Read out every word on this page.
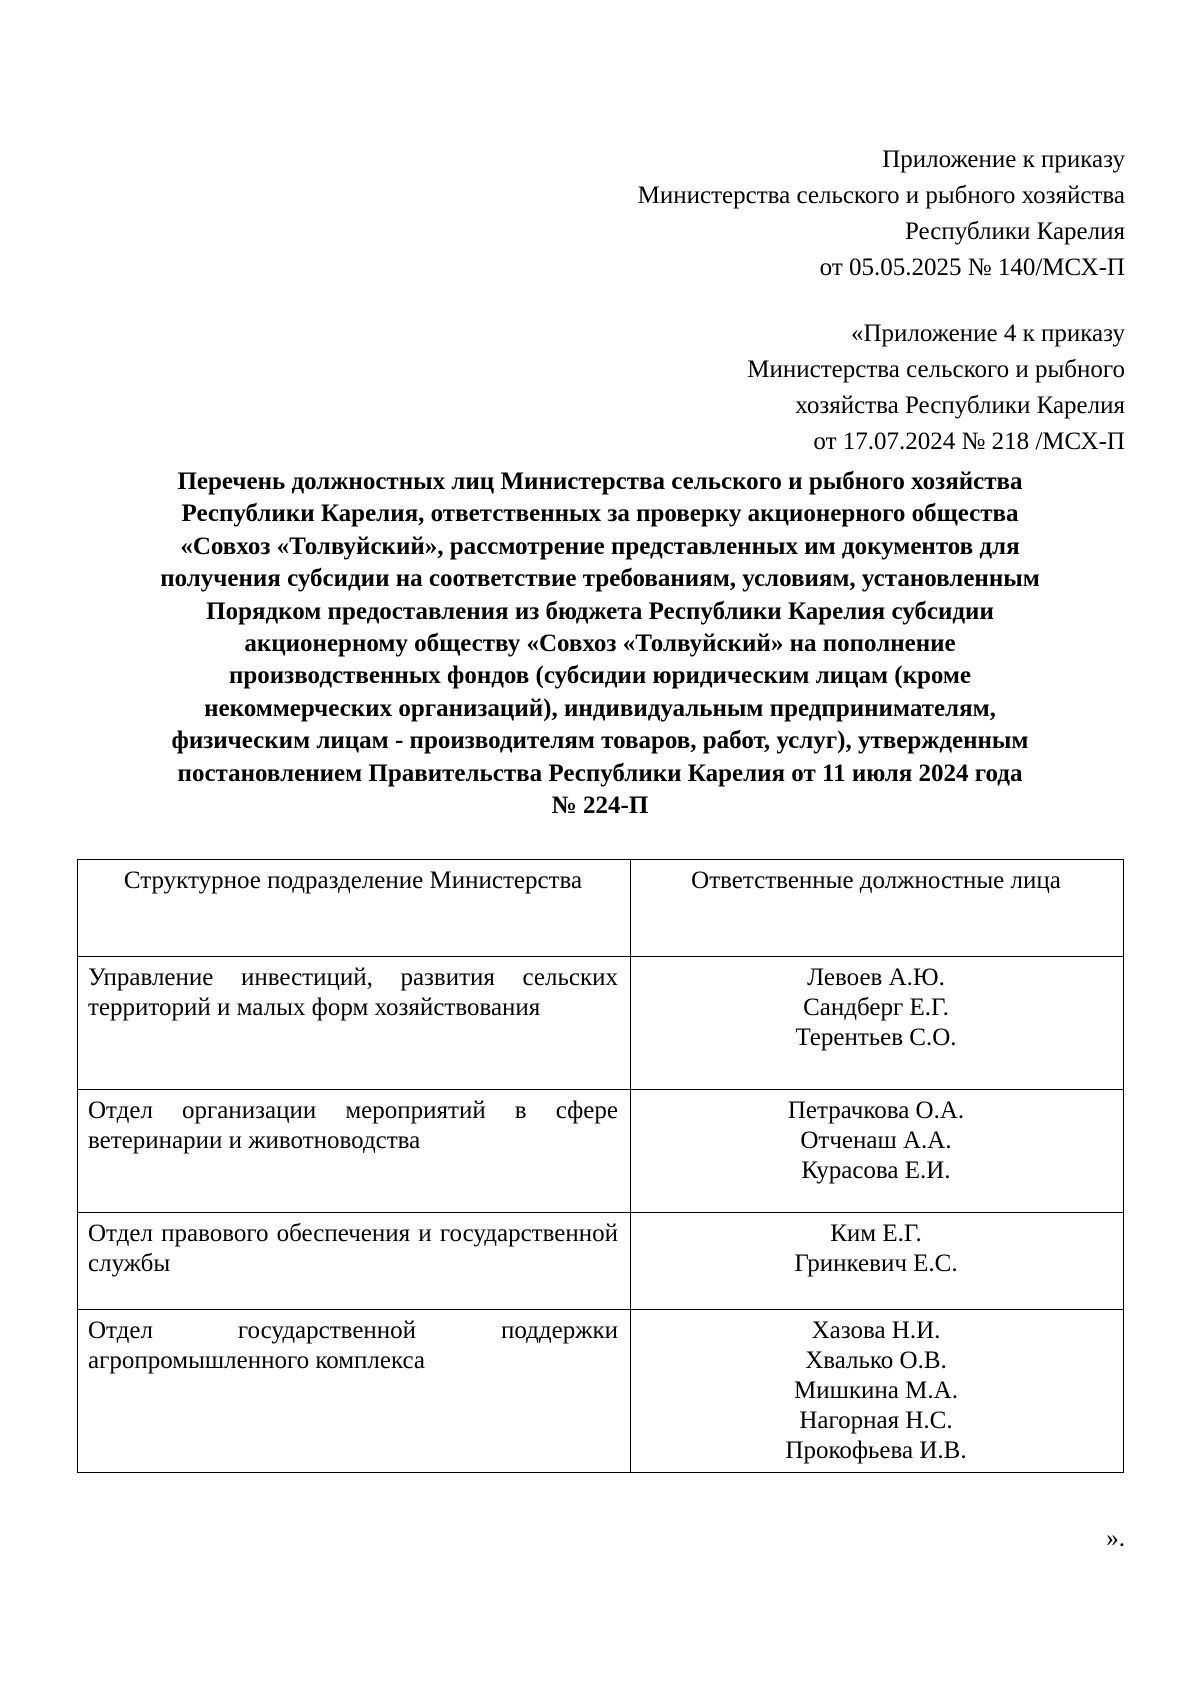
Приложение к приказу
Министерства сельского и рыбного хозяйства
Республики Карелия
от 05.05.2025 № 140/МСХ-П
«Приложение 4 к приказу
Министерства сельского и рыбного
хозяйства Республики Карелия
от 17.07.2024 № 218 /МСХ-П
Перечень должностных лиц Министерства сельского и рыбного хозяйства
Республики Карелия, ответственных за проверку акционерного общества
«Совхоз «Толвуйский», рассмотрение представленных им документов для
получения субсидии на соответствие требованиям, условиям, установленным
Порядком предоставления из бюджета Республики Карелия субсидии
акционерному обществу «Совхоз «Толвуйский» на пополнение
производственных фондов (субсидии юридическим лицам (кроме
некоммерческих организаций), индивидуальным предпринимателям,
физическим лицам - производителям товаров, работ, услуг), утвержденным
постановлением Правительства Республики Карелия от 11 июля 2024 года
№ 224-П
Структурное подразделение Министерства	Ответственные должностные лица

Управление инвестиций, развития сельских территорий и малых форм хозяйствования	Левоев А.Ю.
Сандберг Е.Г.
Терентьев С.О.

Отдел организации мероприятий в сфере ветеринарии и животноводства	Петрачкова О.А.
Отченаш А.А.
Курасова Е.И.

Отдел правового обеспечения и государственной службы	Ким Е.Г.
Гринкевич Е.С.

Отдел государственной поддержки агропромышленного комплекса	Хазова Н.И.
Хвалько О.В.
Мишкина М.А.
Нагорная Н.С.
Прокофьева И.В.
».
